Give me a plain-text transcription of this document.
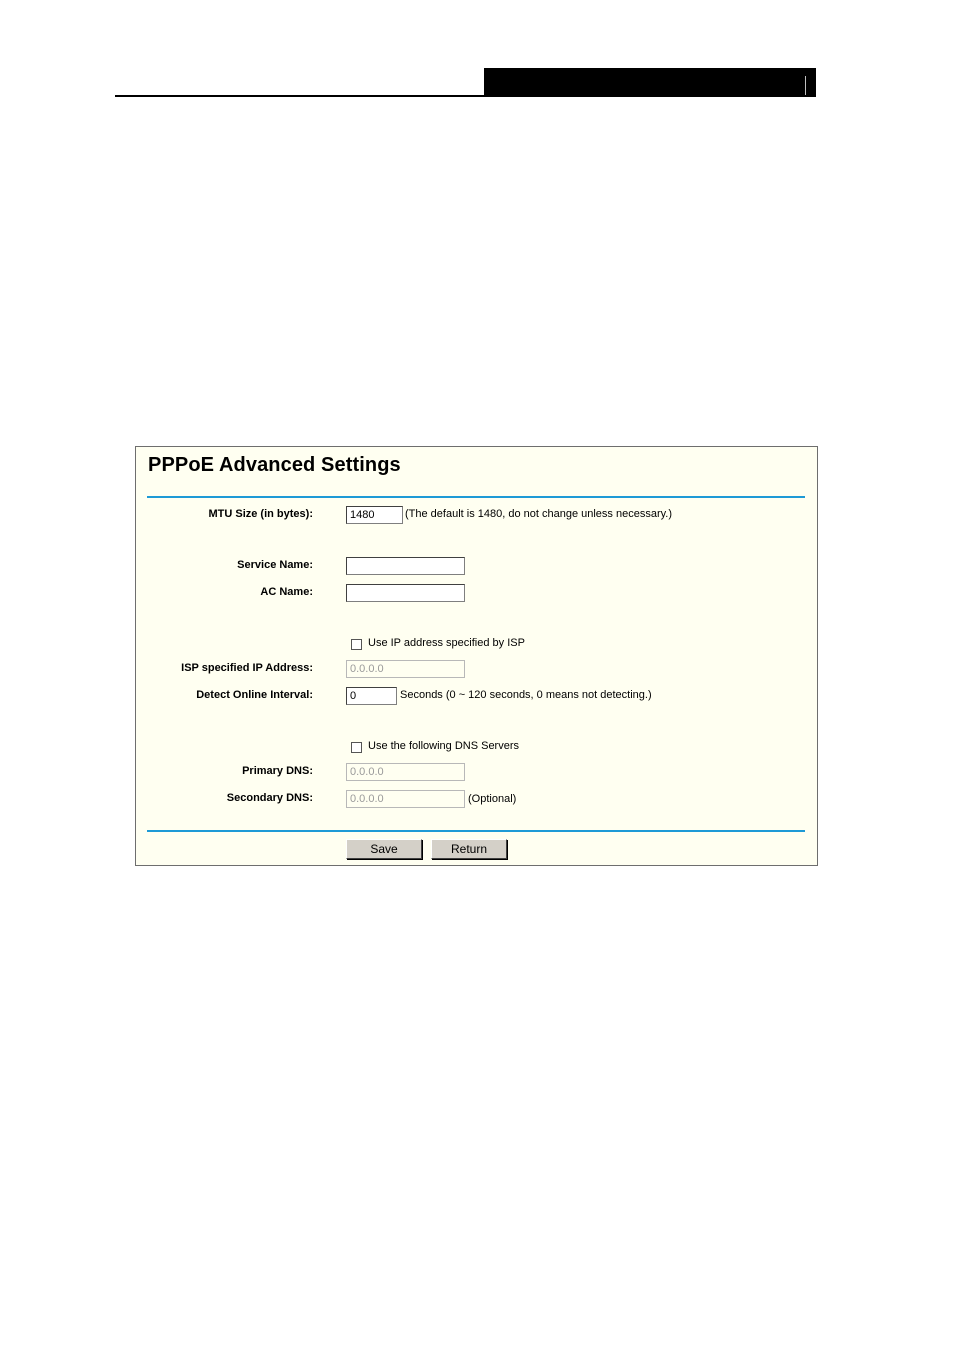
PPPoE Advanced Settings
MTU Size (in bytes):
1480	(The default is 1480, do not change unless necessary.)
Service Name:
AC Name:
Use IP address specified by ISP
ISP specified IP Address:
0.0.0.0
Detect Online Interval:
0	Seconds (0 ~ 120 seconds, 0 means not detecting.)
Use the following DNS Servers
Primary DNS:
0.0.0.0
Secondary DNS:
0.0.0.0	(Optional)
Save	Return
